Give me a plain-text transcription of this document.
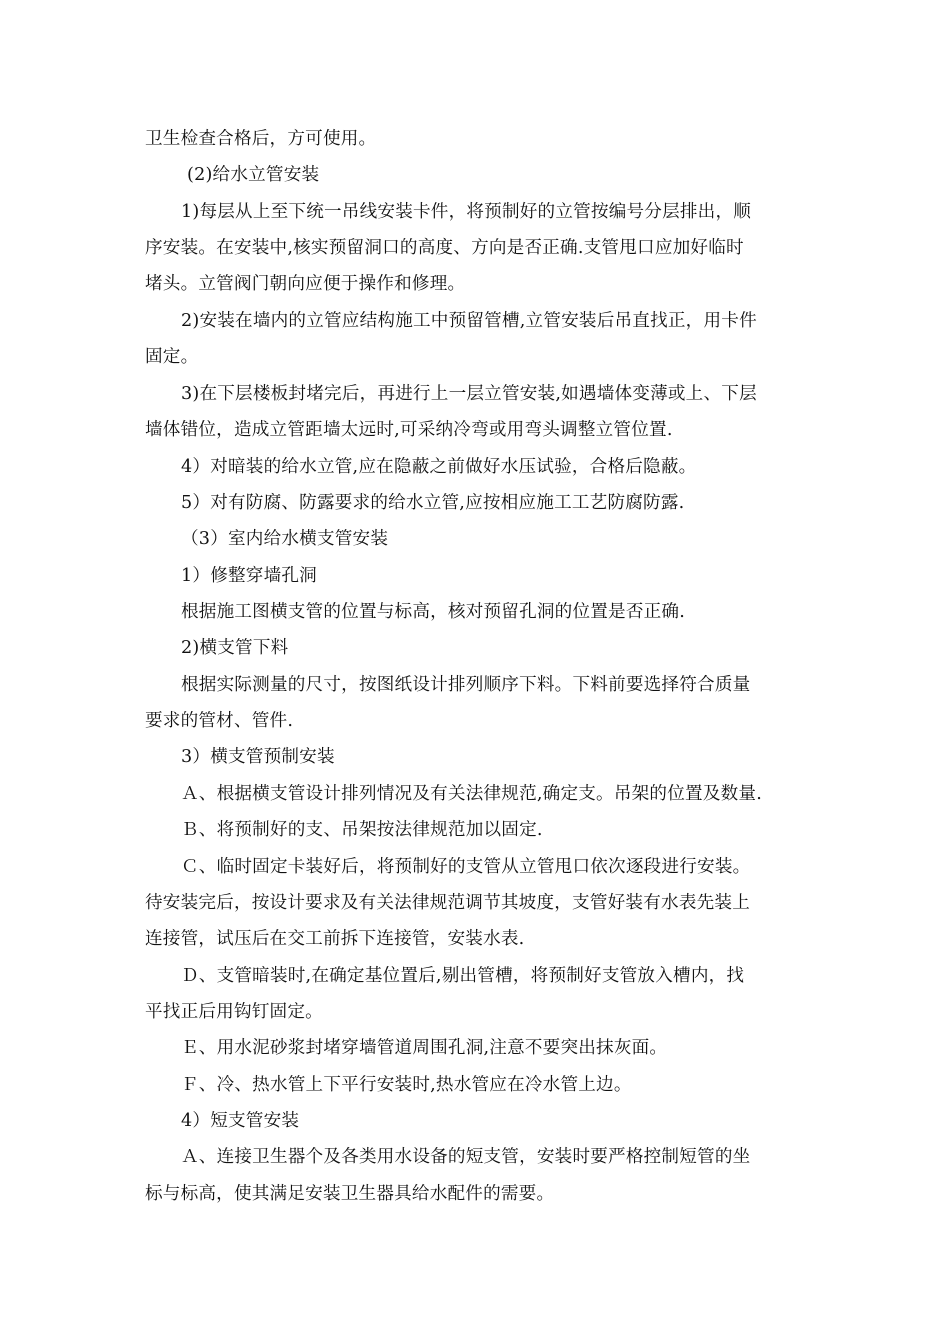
卫生检查合格后，方可使用。
(2)给水立管安装
1)每层从上至下统一吊线安装卡件，将预制好的立管按编号分层排出，顺
序安装。在安装中,核实预留洞口的高度、方向是否正确.支管甩口应加好临时
堵头。立管阀门朝向应便于操作和修理。
2)安装在墙内的立管应结构施工中预留管槽,立管安装后吊直找正，用卡件
固定。
3)在下层楼板封堵完后，再进行上一层立管安装,如遇墙体变薄或上、下层
墙体错位，造成立管距墙太远时,可采纳冷弯或用弯头调整立管位置.
4）对暗装的给水立管,应在隐蔽之前做好水压试验，合格后隐蔽。
5）对有防腐、防露要求的给水立管,应按相应施工工艺防腐防露.
（3）室内给水横支管安装
1）修整穿墙孔洞
根据施工图横支管的位置与标高，核对预留孔洞的位置是否正确.
2)横支管下料
根据实际测量的尺寸，按图纸设计排列顺序下料。下料前要选择符合质量
要求的管材、管件.
3）横支管预制安装
Ａ、根据横支管设计排列情况及有关法律规范,确定支。吊架的位置及数量.
Ｂ、将预制好的支、吊架按法律规范加以固定.
Ｃ、临时固定卡装好后，将预制好的支管从立管甩口依次逐段进行安装。
待安装完后，按设计要求及有关法律规范调节其坡度，支管好装有水表先装上
连接管，试压后在交工前拆下连接管，安装水表.
Ｄ、支管暗装时,在确定基位置后,剔出管槽，将预制好支管放入槽内，找
平找正后用钩钉固定。
Ｅ、用水泥砂浆封堵穿墙管道周围孔洞,注意不要突出抹灰面。
Ｆ、冷、热水管上下平行安装时,热水管应在冷水管上边。
4）短支管安装
Ａ、连接卫生器个及各类用水设备的短支管，安装时要严格控制短管的坐
标与标高，使其满足安装卫生器具给水配件的需要。
